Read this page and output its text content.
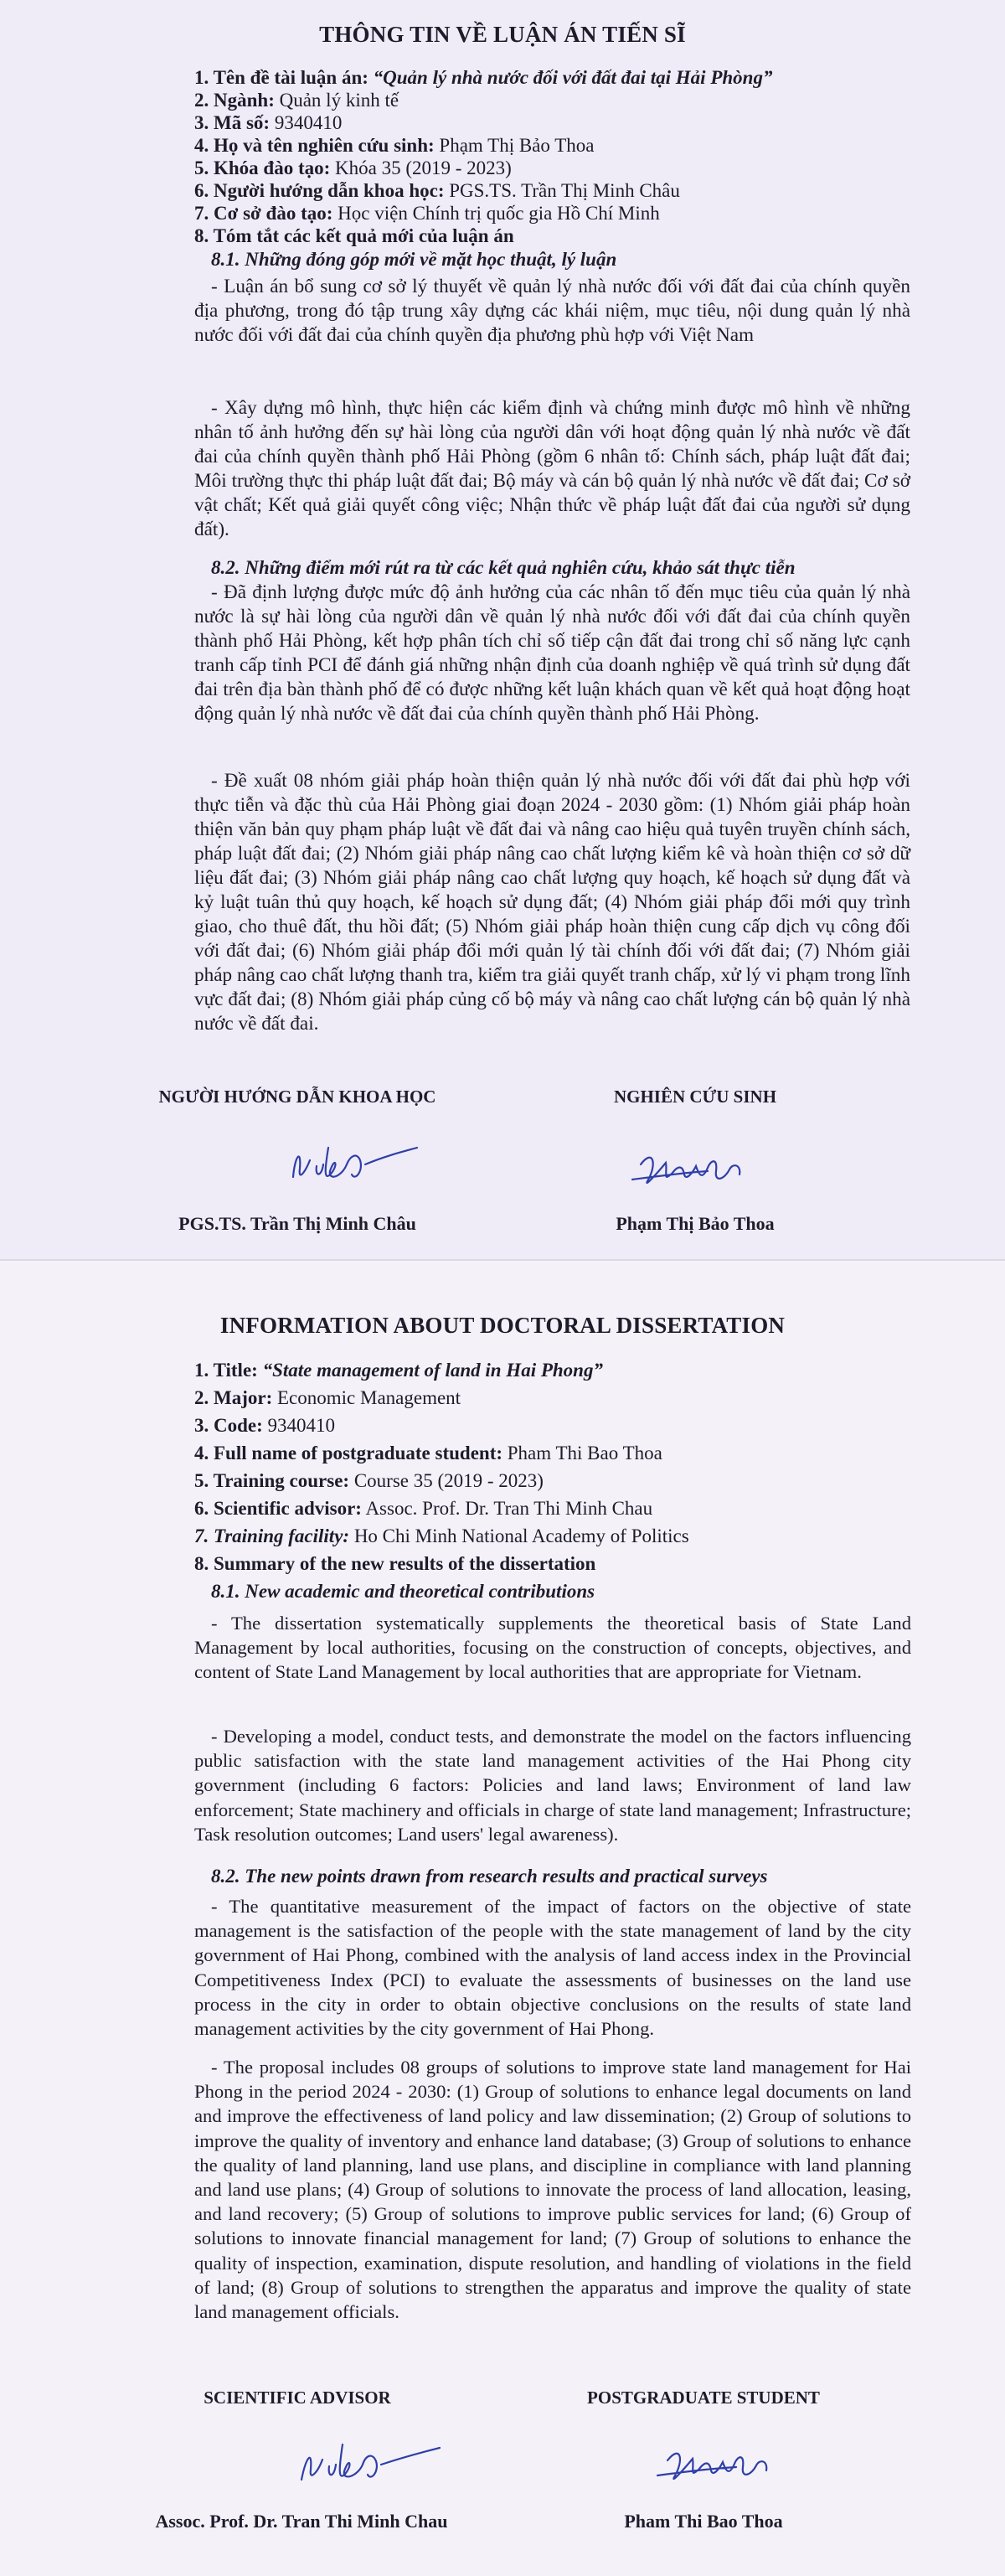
THÔNG TIN VỀ LUẬN ÁN TIẾN SĨ
1. Tên đề tài luận án: “Quản lý nhà nước đối với đất đai tại Hải Phòng”
2. Ngành: Quản lý kinh tế
3. Mã số: 9340410
4. Họ và tên nghiên cứu sinh: Phạm Thị Bảo Thoa
5. Khóa đào tạo: Khóa 35 (2019 - 2023)
6. Người hướng dẫn khoa học: PGS.TS. Trần Thị Minh Châu
7. Cơ sở đào tạo: Học viện Chính trị quốc gia Hồ Chí Minh
8. Tóm tắt các kết quả mới của luận án
8.1. Những đóng góp mới về mặt học thuật, lý luận
- Luận án bổ sung cơ sở lý thuyết về quản lý nhà nước đối với đất đai của chính quyền địa phương, trong đó tập trung xây dựng các khái niệm, mục tiêu, nội dung quản lý nhà nước đối với đất đai của chính quyền địa phương phù hợp với Việt Nam
- Xây dựng mô hình, thực hiện các kiểm định và chứng minh được mô hình về những nhân tố ảnh hưởng đến sự hài lòng của người dân với hoạt động quản lý nhà nước về đất đai của chính quyền thành phố Hải Phòng (gồm 6 nhân tố: Chính sách, pháp luật đất đai; Môi trường thực thi pháp luật đất đai; Bộ máy và cán bộ quản lý nhà nước về đất đai; Cơ sở vật chất; Kết quả giải quyết công việc; Nhận thức về pháp luật đất đai của người sử dụng đất).
8.2. Những điểm mới rút ra từ các kết quả nghiên cứu, khảo sát thực tiễn
- Đã định lượng được mức độ ảnh hưởng của các nhân tố đến mục tiêu của quản lý nhà nước là sự hài lòng của người dân về quản lý nhà nước đối với đất đai của chính quyền thành phố Hải Phòng, kết hợp phân tích chỉ số tiếp cận đất đai trong chỉ số năng lực cạnh tranh cấp tỉnh PCI để đánh giá những nhận định của doanh nghiệp về quá trình sử dụng đất đai trên địa bàn thành phố để có được những kết luận khách quan về kết quả hoạt động hoạt động quản lý nhà nước về đất đai của chính quyền thành phố Hải Phòng.
- Đề xuất 08 nhóm giải pháp hoàn thiện quản lý nhà nước đối với đất đai phù hợp với thực tiễn và đặc thù của Hải Phòng giai đoạn 2024 - 2030 gồm: (1) Nhóm giải pháp hoàn thiện văn bản quy phạm pháp luật về đất đai và nâng cao hiệu quả tuyên truyền chính sách, pháp luật đất đai; (2) Nhóm giải pháp nâng cao chất lượng kiểm kê và hoàn thiện cơ sở dữ liệu đất đai; (3) Nhóm giải pháp nâng cao chất lượng quy hoạch, kế hoạch sử dụng đất và kỷ luật tuân thủ quy hoạch, kế hoạch sử dụng đất; (4) Nhóm giải pháp đổi mới quy trình giao, cho thuê đất, thu hồi đất; (5) Nhóm giải pháp hoàn thiện cung cấp dịch vụ công đối với đất đai; (6) Nhóm giải pháp đổi mới quản lý tài chính đối với đất đai; (7) Nhóm giải pháp nâng cao chất lượng thanh tra, kiểm tra giải quyết tranh chấp, xử lý vi phạm trong lĩnh vực đất đai; (8) Nhóm giải pháp củng cố bộ máy và nâng cao chất lượng cán bộ quản lý nhà nước về đất đai.
NGƯỜI HƯỚNG DẪN KHOA HỌC	NGHIÊN CỨU SINH
PGS.TS. Trần Thị Minh Châu	Phạm Thị Bảo Thoa
INFORMATION ABOUT DOCTORAL DISSERTATION
1. Title: “State management of land in Hai Phong”
2. Major: Economic Management
3. Code: 9340410
4. Full name of postgraduate student: Pham Thi Bao Thoa
5. Training course: Course 35 (2019 - 2023)
6. Scientific advisor: Assoc. Prof. Dr. Tran Thi Minh Chau
7. Training facility: Ho Chi Minh National Academy of Politics
8. Summary of the new results of the dissertation
8.1. New academic and theoretical contributions
- The dissertation systematically supplements the theoretical basis of State Land Management by local authorities, focusing on the construction of concepts, objectives, and content of State Land Management by local authorities that are appropriate for Vietnam.
- Developing a model, conduct tests, and demonstrate the model on the factors influencing public satisfaction with the state land management activities of the Hai Phong city government (including 6 factors: Policies and land laws; Environment of land law enforcement; State machinery and officials in charge of state land management; Infrastructure; Task resolution outcomes; Land users' legal awareness).
8.2. The new points drawn from research results and practical surveys
- The quantitative measurement of the impact of factors on the objective of state management is the satisfaction of the people with the state management of land by the city government of Hai Phong, combined with the analysis of land access index in the Provincial Competitiveness Index (PCI) to evaluate the assessments of businesses on the land use process in the city in order to obtain objective conclusions on the results of state land management activities by the city government of Hai Phong.
- The proposal includes 08 groups of solutions to improve state land management for Hai Phong in the period 2024 - 2030: (1) Group of solutions to enhance legal documents on land and improve the effectiveness of land policy and law dissemination; (2) Group of solutions to improve the quality of inventory and enhance land database; (3) Group of solutions to enhance the quality of land planning, land use plans, and discipline in compliance with land planning and land use plans; (4) Group of solutions to innovate the process of land allocation, leasing, and land recovery; (5) Group of solutions to improve public services for land; (6) Group of solutions to innovate financial management for land; (7) Group of solutions to enhance the quality of inspection, examination, dispute resolution, and handling of violations in the field of land; (8) Group of solutions to strengthen the apparatus and improve the quality of state land management officials.
SCIENTIFIC ADVISOR	POSTGRADUATE STUDENT
Assoc. Prof. Dr. Tran Thi Minh Chau	Pham Thi Bao Thoa
